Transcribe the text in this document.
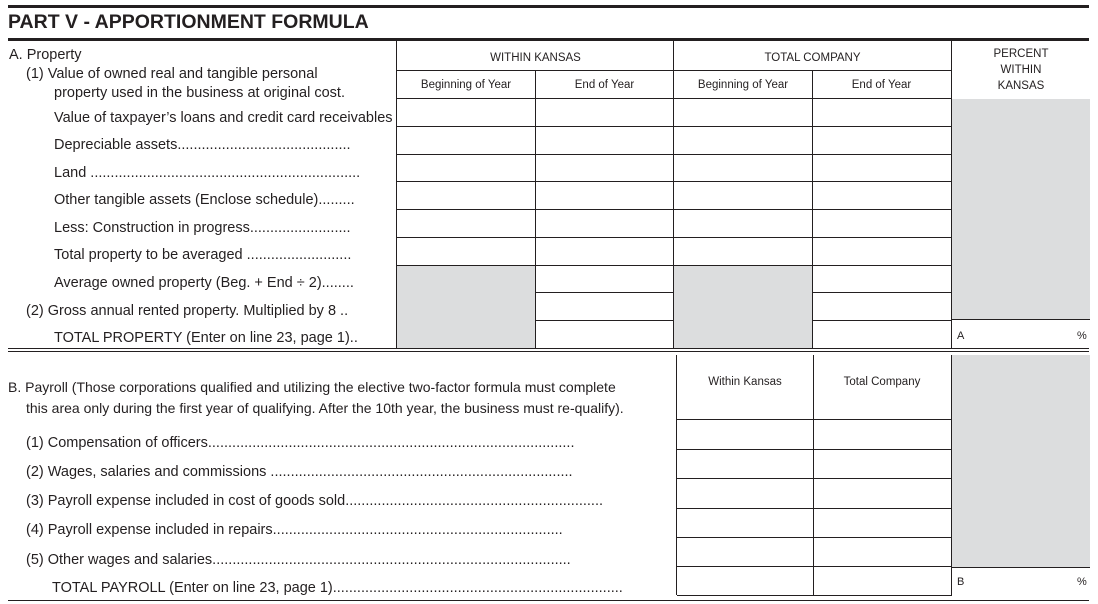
PART V - APPORTIONMENT FORMULA
A. Property
(1) Value of owned real and tangible personal
property used in the business at original cost.
WITHIN KANSAS	TOTAL COMPANY	PERCENT
WITHIN
KANSAS
Beginning of Year	End of Year	Beginning of Year	End of Year
Value of taxpayer’s loans and credit card receivables
Depreciable assets...........................................
Land ...................................................................
Other tangible assets (Enclose schedule).........
Less: Construction in progress.........................
Total property to be averaged ..........................
Average owned property (Beg. + End ÷ 2)........
(2) Gross annual rented property. Multiplied by 8 ..
TOTAL PROPERTY (Enter on line 23, page 1)..	A	%
B. Payroll (Those corporations qualified and utilizing the elective two-factor formula must complete
this area only during the first year of qualifying. After the 10th year, the business must re-qualify).
Within Kansas	Total Company
(1) Compensation of officers...........................................................................................
(2) Wages, salaries and commissions ...........................................................................
(3) Payroll expense included in cost of goods sold................................................................
(4) Payroll expense included in repairs........................................................................
(5) Other wages and salaries.........................................................................................
TOTAL PAYROLL (Enter on line 23, page 1)........................................................................	B	%
